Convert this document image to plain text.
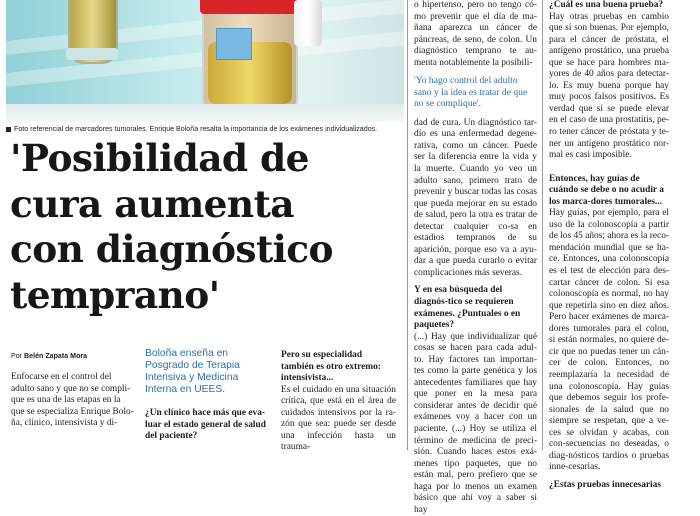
Foto referencial de marcadores tumorales. Enrique Boloña resalta la importancia de los exámenes individualizados.
'Posibilidad de
cura aumenta
con diagnóstico
temprano'
Por Belén Zapata Mora

Enfocarse en el control del

adulto sano y que no se compli-

que es una de las etapas en la

que se especializa Enrique Bolo-

ña, clínico, intensivista y di-

Boloña enseña en Posgrado de Terapia Intensiva y Medicina Interna en UEES.
¿Un clínico hace más que eva-luar el estado general de salud del paciente?

Pero su especialidad también es otro extremo: intensivista...

Es el cuidado en una situación crítica, que está en el área de cuidados intensivos por la ra-zón que sea: puede ser desde una infección hasta un trauma-

o hipertenso, pero no tengo có-mo prevenir que el día de ma-ñana aparezca un cáncer de páncreas, de seno, de colon. Un diagnóstico temprano te au-menta notablemente la posibili-
'Yo hago control del adulto sano y la idea es tratar de que no se complique'.
dad de cura. Un diagnóstico tar-dío es una enfermedad degene-rativa, como un cáncer. Puede ser la diferencia entre la vida y la muerte. Cuando yo veo un adulto sano, primero trato de prevenir y buscar todas las cosas que pueda mejorar en su estado de salud, pero la otra es tratar de detectar cualquier co-sa en estadios tempranos de su aparición, porque eso va a ayu-dar a que pueda curarlo o evitar complicaciones más severas.
Y en esa búsqueda del diagnós-tico se requieren exámenes. ¿Puntuales o en paquetes?
(...) Hay que individualizar qué cosas se hacen para cada adul-to. Hay factores tan importan-tes como la parte genética y los antecedentes familiares que hay que poner en la mesa para considerar antes de decidir qué exámenes voy a hacer con un paciente. (...) Hoy se utiliza el término de medicina de preci-sión. Cuando haces estos exá-menes tipo paquetes, que no están mal, pero prefiero que se haga por lo menos un examen básico que ahí voy a saber si hay
¿Cuál es una buena prueba?
Hay otras pruebas en cambio que sí son buenas. Por ejemplo, para el cáncer de próstata, el antígeno prostático, una prueba que se hace para hombres ma-yores de 40 años para detectar-lo. Es muy buena porque hay muy pocos falsos positivos. Es verdad que sí se puede elevar en el caso de una prostatitis, pe-ro tener cáncer de próstata y te-ner un antígeno prostático nor-mal es casi imposible.
Entonces, hay guías de cuándo se debe o no acudir a los marca-dores tumorales...
Hay guías, por ejemplo, para el uso de la colonoscopía a partir de los 45 años; ahora es la reco-mendación mundial que se ha-ce. Entonces, una colonoscopía es el test de elección para des-cartar cáncer de colon. Si esa colonoscopía es normal, no hay que repetirla sino en diez años. Pero hacer exámenes de marca-dores tumorales para el colon, si están normales, no quiere de-cir que no puedas tener un cán-cer de colon. Entonces, no reemplazaría la necesidad de una colonoscopía. Hay guías que debemos seguir los profe-sionales de la salud que no siempre se respetan, que a ve-ces se olvidan y acabas, con con-secuencias no deseadas, o diag-nósticos tardíos o pruebas inne-cesarias.
¿Estas pruebas innecesarias
